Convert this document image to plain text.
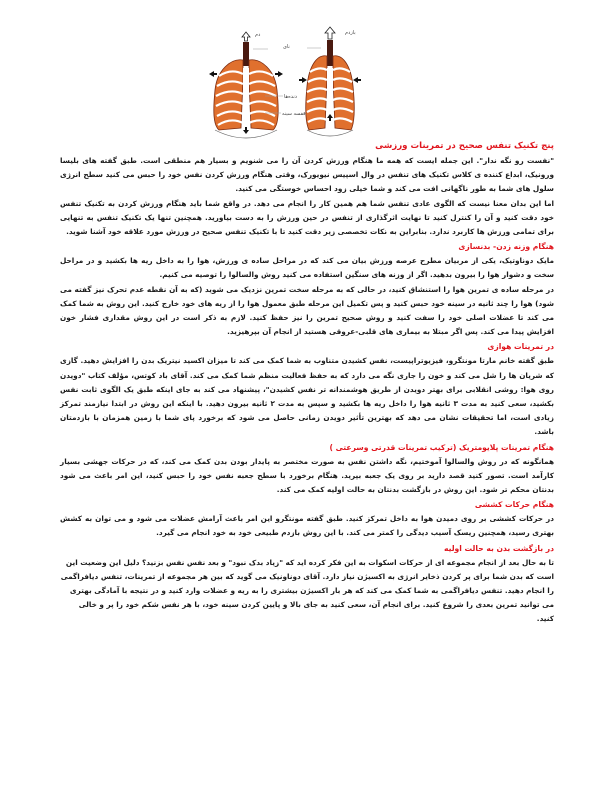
دم
نای
دنده‌ها
قفسه سینه
بازدم

پنج تکنیک تنفس صحیح در تمرینات ورزشی

"نفست رو نگه ندار". این جمله ایست که همه ما هنگام ورزش کردن آن را می شنویم و بسیار هم منطقی است. طبق گفته های بلیسا ورونیک، ابداع کننده ی کلاس تکنیک های تنفس در وال اسپیس نیویورک، وقتی هنگام ورزش کردن نفس خود را حبس می کنید سطح انرژی سلول های شما به طور ناگهانی افت می کند و شما خیلی زود احساس خوستگی می کنید.

اما این بدان معنا نیست که الگوی عادی تنفس شما هم همین کار را انجام می دهد. در واقع شما باید هنگام ورزش کردن به تکنیک تنفس خود دقت کنید و آن را کنترل کنید تا نهایت اثرگذاری از تنفس در حین ورزش را به دست بیاورید. همچنین تنها یک تکنیک تنفس به تنهایی برای تمامی ورزش ها کاربرد ندارد. بنابراین به نکات تخصصی زیر دقت کنید تا با تکنیک تنفس صحیح در ورزش مورد علاقه خود آشنا شوید.

هنگام وزنه زدن- بدنسازی

مایک دوناوتیک، یکی از مربیان مطرح عرصه ورزش بیان می کند که در مراحل ساده ی ورزش، هوا را به داخل ریه ها بکشید و در مراحل سخت و دشوار هوا را بیرون بدهید. اگر از وزنه های سنگین استفاده می کنید روش والسالوا را توصیه می کنیم.

در مرحله ساده ی تمرین هوا را استنشاق کنید، در حالی که به مرحله سخت تمرین نزدیک می شوید (که به آن نقطه عدم تحرک نیز گفته می شود) هوا را چند ثانیه در سینه خود حبس کنید و پس تکمیل این مرحله طبق معمول هوا را از ریه های خود خارج کنید. این روش به شما کمک می کند تا عضلات اصلی خود را سفت کنید و روش صحیح تمرین را نیز حفظ کنید. لازم به ذکر است در این روش مقداری فشار خون افزایش پیدا می کند. پس اگر مبتلا به بیماری های قلبی-عروقی هستید از انجام آن بپرهیزید.

در تمرینات هوازی

طبق گفته خانم مارتا مونتگرو، فیزیوتراپیست، نفس کشیدن متناوب به شما کمک می کند تا میزان اکسید نیتریک بدن را افزایش دهید. گازی که شریان ها را شل می کند و خون را جاری نگه می دارد که به حفظ فعالیت منظم شما کمک می کند. آقای باد کوتس، مؤلف کتاب "دویدن روی هوا: روشی انقلابی برای بهتر دویدن از طریق هوشمندانه تر نفس کشیدن"، پیشنهاد می کند به جای اینکه طبق یک الگوی ثابت نفس بکشید، سعی کنید به مدت ۳ ثانیه هوا را داخل ریه ها بکشید و سپس به مدت ۲ ثانیه بیرون دهید. با اینکه این روش در ابتدا نیازمند تمرکز زیادی است، اما تحقیقات نشان می دهد که بهترین تأثیر دویدن زمانی حاصل می شود که برخورد پای شما با زمین همزمان با بازدمتان باشد.

هنگام تمرینات پلایومتریک (ترکیب تمرینات قدرتی وسرعتی )

همانگونه که در روش والسالوا آموختیم، نگه داشتن نفس به صورت مختصر به پایدار بودن بدن کمک می کند، که در حرکات جهشی بسیار کارآمد است. تصور کنید قصد دارید بر روی یک جعبه بپرید. هنگام برخورد با سطح جعبه نفس خود را حبس کنید، این امر باعث می شود بدنتان محکم تر شود. این روش در بازگشت بدنتان به حالت اولیه کمک می کند.

هنگام حرکات کششی

در حرکات کششی بر روی دمیدن هوا به داخل تمرکز کنید. طبق گفته مونتگرو این امر باعث آرامش عضلات می شود و می توان به کشش بهتری رسید، همچنین ریسک آسیب دیدگی را کمتر می کند. با این روش بازدم طبیعی خود به خود انجام می گیرد.

در بازگشت بدن به حالت اولیه

تا به حال بعد از انجام مجموعه ای از حرکات اسکوات به این فکر کرده اید که "زیاد بدک نبود" و بعد نفس نفس بزنید؟ دلیل این وضعیت این است که بدن شما برای پر کردن ذخایر انرژی به اکسیژن نیاز دارد. آقای دوناونیک می گوید که بین هر مجموعه از تمرینات، تنفس دیافراگمی را انجام دهید. تنفس دیافراگمی به شما کمک می کند که هر بار اکسیژن بیشتری را به ریه و عضلات وارد کنید و در نتیجه با آمادگی بهتری می توانید تمرین بعدی را شروع کنید. برای انجام آن، سعی کنید به جای بالا و پایین کردن سینه خود، با هر نفس شکم خود را پر و خالی کنید.
